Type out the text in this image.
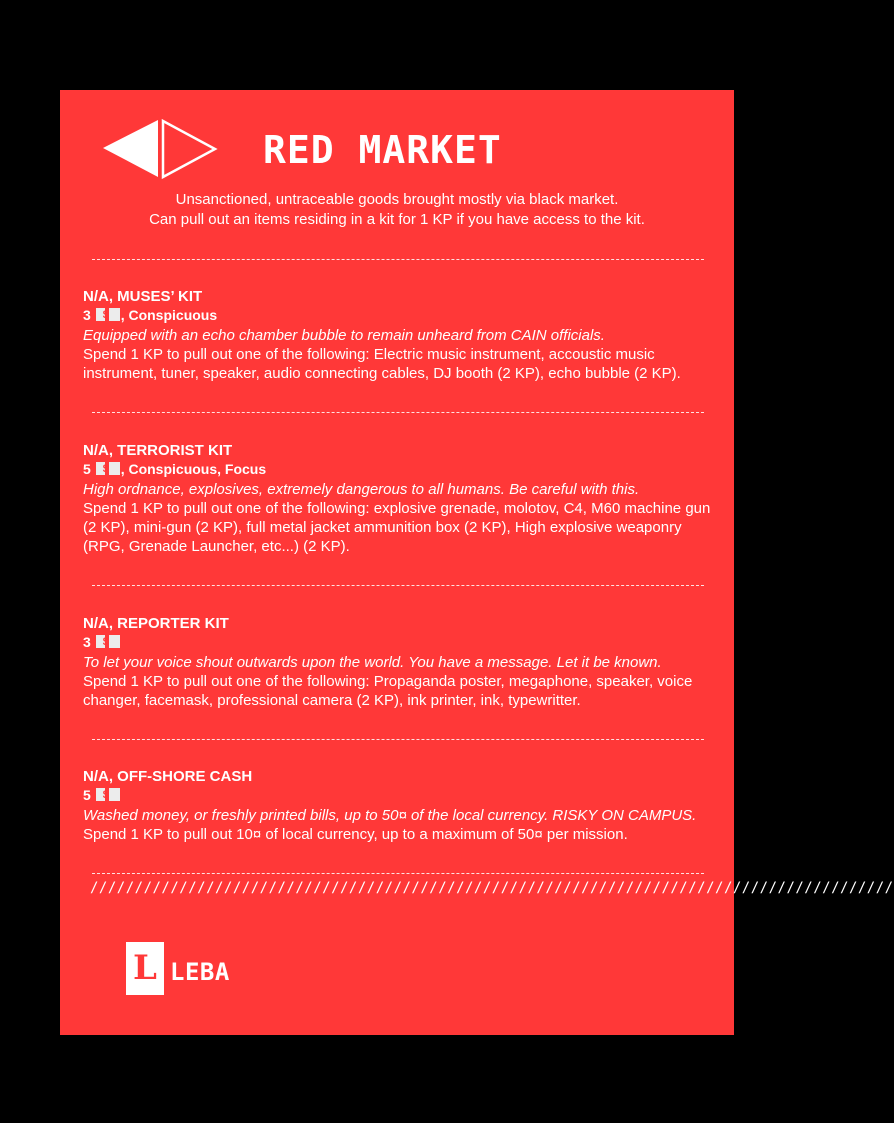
RED MARKET
Unsanctioned, untraceable goods brought mostly via black market.
Can pull out an items residing in a kit for 1 KP if you have access to the kit.
N/A, MUSES’ KIT
3 $ , Conspicuous
Equipped with an echo chamber bubble to remain unheard from CAIN officials.
Spend 1 KP to pull out one of the following: Electric music instrument, accoustic music instrument, tuner, speaker, audio connecting cables, DJ booth (2 KP), echo bubble (2 KP).
N/A, TERRORIST KIT
5 $ , Conspicuous, Focus
High ordnance, explosives, extremely dangerous to all humans. Be careful with this.
Spend 1 KP to pull out one of the following: explosive grenade, molotov, C4, M60 machine gun (2 KP), mini-gun (2 KP), full metal jacket ammunition box (2 KP), High explosive weaponry (RPG, Grenade Launcher, etc...) (2 KP).
N/A, REPORTER KIT
3 $
To let your voice shout outwards upon the world. You have a message. Let it be known.
Spend 1 KP to pull out one of the following: Propaganda poster, megaphone, speaker, voice changer, facemask, professional camera (2 KP), ink printer, ink, typewritter.
N/A, OFF-SHORE CASH
5 $
Washed money, or freshly printed bills, up to 50¤ of the local currency. RISKY ON CAMPUS.
Spend 1 KP to pull out 10¤ of local currency, up to a maximum of 50¤ per mission.
//////////////////////////////////////////////////////////////////////////////////////////
L LEBA
